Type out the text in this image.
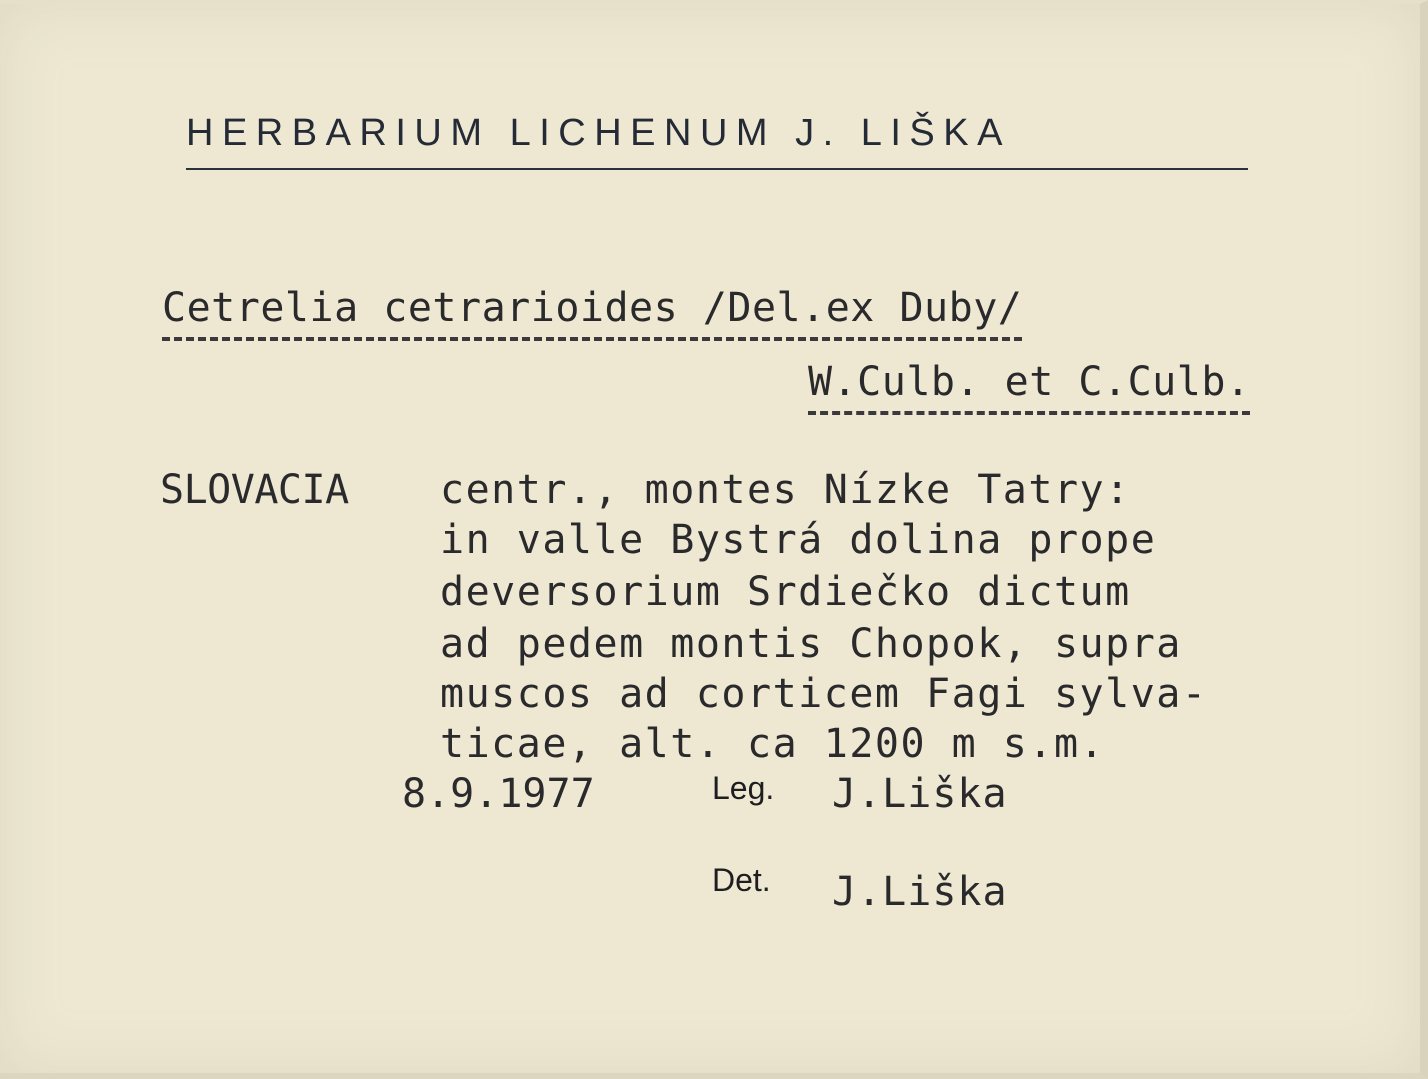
HERBARIUM LICHENUM J. LIŠKA
Cetrelia cetrarioides /Del.ex Duby/
W.Culb. et C.Culb.
SLOVACIA centr., montes Nízke Tatry:
in valle Bystrá dolina prope
deversorium Srdiečko dictum
ad pedem montis Chopok, supra
muscos ad corticem Fagi sylva-
ticae, alt. ca 1200 m s.m.
8.9.1977	Leg. J.Liška
Det. J.Liška
